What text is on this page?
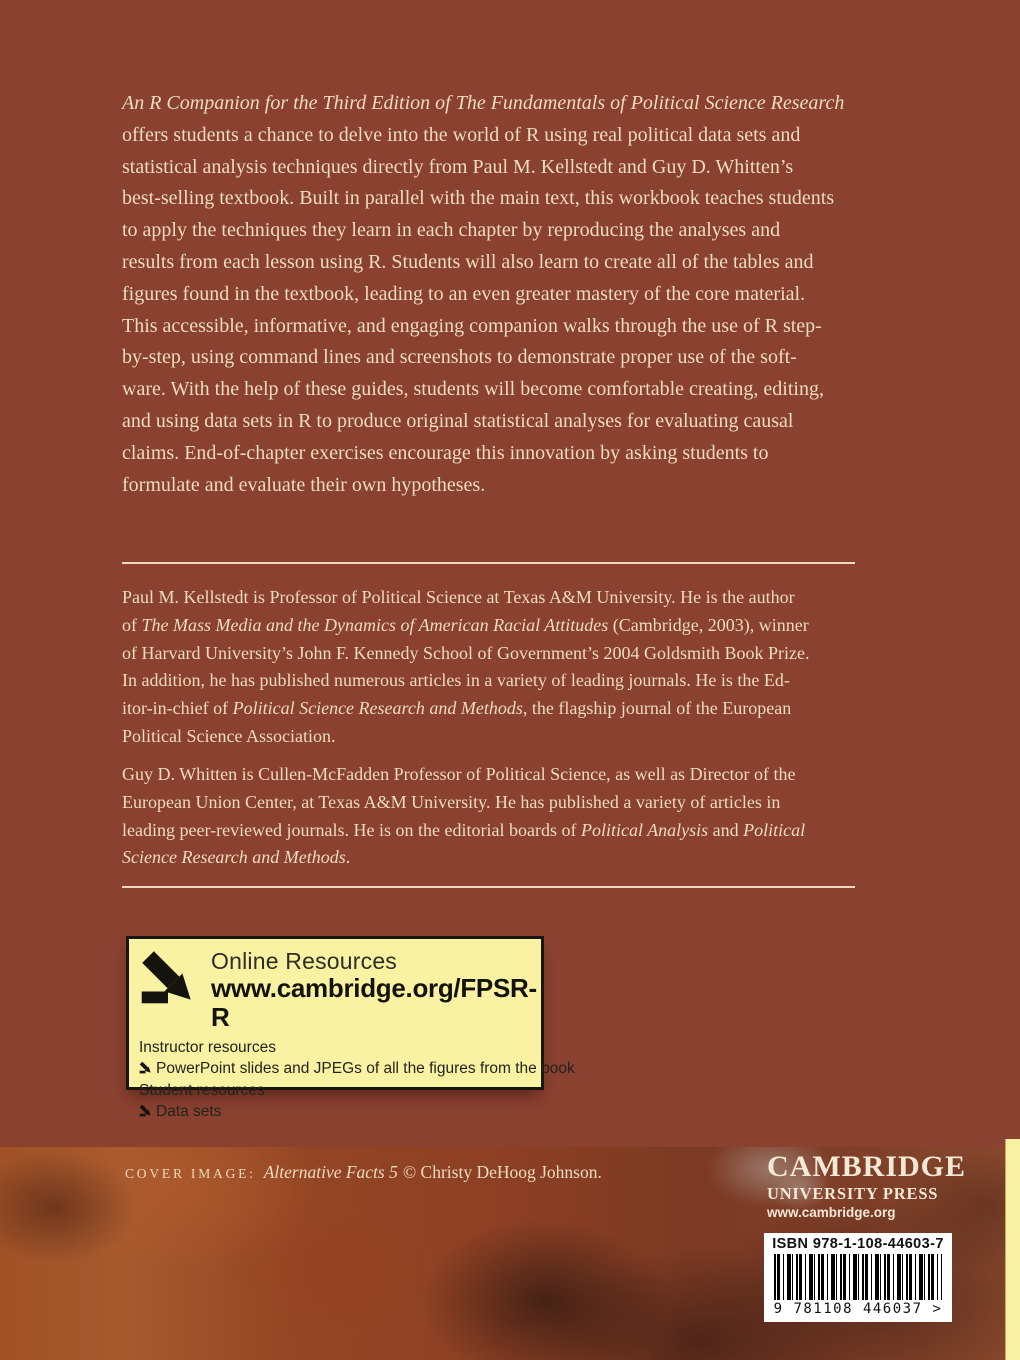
An R Companion for the Third Edition of The Fundamentals of Political Science Research
offers students a chance to delve into the world of R using real political data sets and
statistical analysis techniques directly from Paul M. Kellstedt and Guy D. Whitten’s
best-selling textbook. Built in parallel with the main text, this workbook teaches students
to apply the techniques they learn in each chapter by reproducing the analyses and
results from each lesson using R. Students will also learn to create all of the tables and
figures found in the textbook, leading to an even greater mastery of the core material.
This accessible, informative, and engaging companion walks through the use of R step-
by-step, using command lines and screenshots to demonstrate proper use of the soft-
ware. With the help of these guides, students will become comfortable creating, editing,
and using data sets in R to produce original statistical analyses for evaluating causal
claims. End-of-chapter exercises encourage this innovation by asking students to
formulate and evaluate their own hypotheses.
Paul M. Kellstedt is Professor of Political Science at Texas A&M University. He is the author
of The Mass Media and the Dynamics of American Racial Attitudes (Cambridge, 2003), winner
of Harvard University’s John F. Kennedy School of Government’s 2004 Goldsmith Book Prize.
In addition, he has published numerous articles in a variety of leading journals. He is the Ed-
itor-in-chief of Political Science Research and Methods, the flagship journal of the European
Political Science Association.
Guy D. Whitten is Cullen-McFadden Professor of Political Science, as well as Director of the
European Union Center, at Texas A&M University. He has published a variety of articles in
leading peer-reviewed journals. He is on the editorial boards of Political Analysis and Political
Science Research and Methods.
Online Resources
www.cambridge.org/FPSR-R
Instructor resources
PowerPoint slides and JPEGs of all the figures from the book
Student resources
Data sets
COVER IMAGE: Alternative Facts 5 © Christy DeHoog Johnson.	CAMBRIDGE
UNIVERSITY PRESS
www.cambridge.org
ISBN 978-1-108-44603-7
9 781108 446037 >
